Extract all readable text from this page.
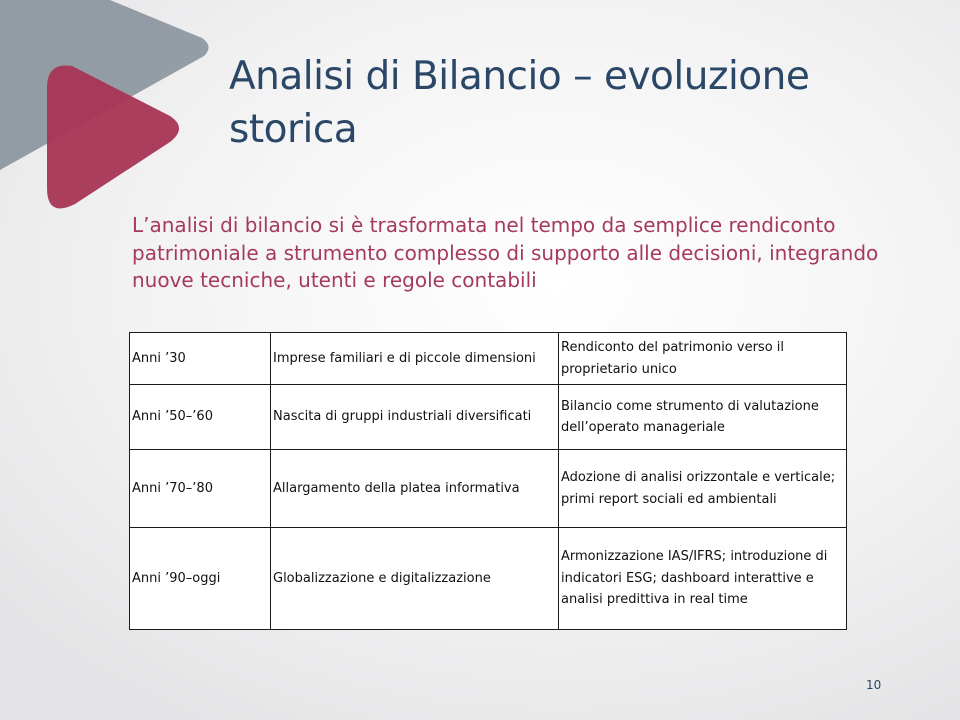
Analisi di Bilancio – evoluzione storica
L’analisi di bilancio si è trasformata nel tempo da semplice rendiconto patrimoniale a strumento complesso di supporto alle decisioni, integrando nuove tecniche, utenti e regole contabili
Anni ’30	Imprese familiari e di piccole dimensioni	Rendiconto del patrimonio verso il proprietario unico
Anni ’50–’60	Nascita di gruppi industriali diversificati	Bilancio come strumento di valutazione dell’operato manageriale
Anni ’70–’80	Allargamento della platea informativa	Adozione di analisi orizzontale e verticale; primi report sociali ed ambientali
Anni ’90–oggi	Globalizzazione e digitalizzazione	Armonizzazione IAS/IFRS; introduzione di indicatori ESG; dashboard interattive e analisi predittiva in real time
10
